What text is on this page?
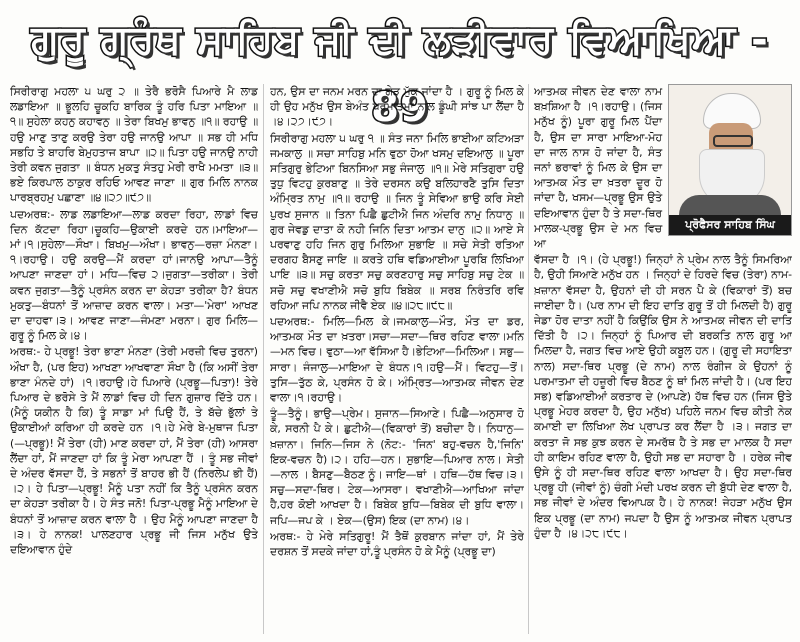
ਗੁਰੂ ਗ੍ਰੰਥ ਸਾਹਿਬ ਜੀ ਦੀ ਲੜੀਵਾਰ ਵਿਆਖਿਆ - 89

ਸਿਰੀਰਾਗੁ ਮਹਲਾ ੫ ਘਰੁ ੨ ॥ ਤੇਰੈ ਭਰੋਸੈ ਪਿਆਰੇ ਮੈ ਲਾਡ ਲਡਾਇਆ ॥ ਭੂਲਹਿ ਚੂਕਹਿ ਬਾਰਿਕ ਤੂੰ ਹਰਿ ਪਿਤਾ ਮਾਇਆ ॥੧॥ ਸੁਹੇਲਾ ਕਹਨੁ ਕਹਾਵਨੁ ॥ ਤੇਰਾ ਬਿਖਮੁ ਭਾਵਨੁ ॥੧॥ ਰਹਾਉ ॥ ਹਉ ਮਾਣੁ ਤਾਣੁ ਕਰਉ ਤੇਰਾ ਹਉ ਜਾਨਉ ਆਪਾ ॥ ਸਭ ਹੀ ਮਧਿ ਸਭਹਿ ਤੇ ਬਾਹਰਿ ਬੇਮੁਹਤਾਜ ਬਾਪਾ ॥੨॥ ਪਿਤਾ ਹਉ ਜਾਨਉ ਨਾਹੀ ਤੇਰੀ ਕਵਨ ਜੁਗਤਾ ॥ ਬੰਧਨ ਮੁਕਤੁ ਸੰਤਹੁ ਮੇਰੀ ਰਾਖੈ ਮਮਤਾ ॥੩॥ ਭਏ ਕਿਰਪਾਲ ਠਾਕੁਰ ਰਹਿਓ ਆਵਣ ਜਾਣਾ ॥ ਗੁਰ ਮਿਲਿ ਨਾਨਕ ਪਾਰਬ੍ਰਹਮੁ ਪਛਾਣਾ ॥੪॥੨੭॥੯੭॥

ਪਦਅਰਥ:- ਲਾਡ ਲਡਾਇਆ—ਲਾਡ ਕਰਦਾ ਰਿਹਾ, ਲਾਡਾਂ ਵਿਚ ਦਿਨ ਕੱਟਦਾ ਰਿਹਾ।ਚੂਕਹਿ—ਉਕਾਈ ਕਰਦੇ ਹਨ।ਮਾਇਆ—ਮਾਂ।੧।ਸੁਹੇਲਾ—ਸੌਖਾ। ਬਿਖਮੁ—ਔਖਾ। ਭਾਵਨੁ—ਰਜ਼ਾ ਮੰਨਣਾ।੧।ਰਹਾਉ। ਹਉ ਕਰਉ—ਮੈਂ ਕਰਦਾ ਹਾਂ।ਜਾਨਉ ਆਪਾ—ਤੈਨੂੰ ਆਪਣਾ ਜਾਣਦਾ ਹਾਂ। ਮਧਿ—ਵਿਚ ੨।ਜੁਗਤਾ—ਤਰੀਕਾ। ਤੇਰੀ ਕਵਨ ਜੁਗਤਾ—ਤੈਨੂੰ ਪ੍ਰਸੰਨ ਕਰਨ ਦਾ ਕੇਹੜਾ ਤਰੀਕਾ ਹੈ? ਬੰਧਨ ਮੁਕਤੁ—ਬੰਧਨਾਂ ਤੋਂ ਆਜ਼ਾਦ ਕਰਨ ਵਾਲਾ। ਮਤਾ—'ਮੇਰਾ' ਆਖਣ ਦਾ ਦਾਹਵਾ।੩। ਆਵਣ ਜਾਣਾ—ਜੰਮਣਾ ਮਰਨਾ। ਗੁਰ ਮਿਲਿ—ਗੁਰੂ ਨੂੰ ਮਿਲ ਕੇ।੪।

ਅਰਥ:- ਹੇ ਪ੍ਰਭੂ! ਤੇਰਾ ਭਾਣਾ ਮੰਨਣਾ (ਤੇਰੀ ਮਰਜ਼ੀ ਵਿਚ ਤੁਰਨਾ) ਔਖਾ ਹੈ, (ਪਰ ਇਹ) ਆਖਣਾ ਆਖਵਾਣਾ ਸੌਖਾ ਹੈ (ਕਿ ਅਸੀਂ ਤੇਰਾ ਭਾਣਾ ਮੰਨਦੇ ਹਾਂ) ।੧।ਰਹਾਉ।ਹੇ ਪਿਆਰੇ (ਪ੍ਰਭੂ—ਪਿਤਾ)! ਤੇਰੇ ਪਿਆਰ ਦੇ ਭਰੋਸੇ ਤੇ ਮੈਂ ਲਾਡਾਂ ਵਿਚ ਹੀ ਦਿਨ ਗੁਜ਼ਾਰ ਦਿੱਤੇ ਹਨ। (ਮੈਨੂੰ ਯਕੀਨ ਹੈ ਕਿ) ਤੂੰ ਸਾਡਾ ਮਾਂ ਪਿਉ ਹੈਂ, ਤੇ ਬੱਚੇ ਭੁੱਲਾਂ ਤੇ ਉਕਾਈਆਂ ਕਰਿਆ ਹੀ ਕਰਦੇ ਹਨ ।੧।ਹੇ ਮੇਰੇ ਬੇ-ਮੁਥਾਜ ਪਿਤਾ (—ਪ੍ਰਭੂ)! ਮੈਂ ਤੇਰਾ (ਹੀ) ਮਾਣ ਕਰਦਾ ਹਾਂ, ਮੈਂ ਤੇਰਾ (ਹੀ) ਆਸਰਾ ਲੈਂਦਾ ਹਾਂ, ਮੈਂ ਜਾਣਦਾ ਹਾਂ ਕਿ ਤੂੰ ਮੇਰਾ ਆਪਣਾ ਹੈਂ । ਤੂੰ ਸਭ ਜੀਵਾਂ ਦੇ ਅੰਦਰ ਵੱਸਦਾ ਹੈਂ, ਤੇ ਸਭਨਾਂ ਤੋਂ ਬਾਹਰ ਭੀ ਹੈਂ (ਨਿਰਲੇਪ ਭੀ ਹੈਂ) ।੨। ਹੇ ਪਿਤਾ—ਪ੍ਰਭੂ! ਮੈਨੂੰ ਪਤਾ ਨਹੀਂ ਕਿ ਤੈਨੂੰ ਪ੍ਰਸੰਨ ਕਰਨ ਦਾ ਕੇਹੜਾ ਤਰੀਕਾ ਹੈ। ਹੇ ਸੰਤ ਜਨੋ! ਪਿਤਾ-ਪ੍ਰਭੂ ਮੈਨੂੰ ਮਾਇਆ ਦੇ ਬੰਧਨਾਂ ਤੋਂ ਆਜ਼ਾਦ ਕਰਨ ਵਾਲਾ ਹੈ । ਉਹ ਮੈਨੂੰ ਆਪਣਾ ਜਾਣਦਾ ਹੈ ।੩। ਹੇ ਨਾਨਕ! ਪਾਲਣਹਾਰ ਪ੍ਰਭੂ ਜੀ ਜਿਸ ਮਨੁੱਖ ਉਤੇ ਦਇਆਵਾਨ ਹੁੰਦੇ

ਹਨ, ਉਸ ਦਾ ਜਨਮ ਮਰਨ ਦਾ ਗੇੜ ਮੁੱਕ ਜਾਂਦਾ ਹੈ । ਗੁਰੂ ਨੂੰ ਮਿਲ ਕੇ ਹੀ ਉਹ ਮਨੁੱਖ ਉਸ ਬੇਅੰਤ ਪਰਮਾਤਮਾ ਨਾਲ ਡੂੰਘੀ ਸਾਂਝ ਪਾ ਲੈਂਦਾ ਹੈ ।੪।੨੭।੯੭।

ਸਿਰੀਰਾਗੁ ਮਹਲਾ ੫ ਘਰੁ ੧ ॥ ਸੰਤ ਜਨਾ ਮਿਲਿ ਭਾਈਆ ਕਟਿਅੜਾ ਜਮਕਾਲੁ ॥ ਸਚਾ ਸਾਹਿਬੁ ਮਨਿ ਵੁਠਾ ਹੋਆ ਖਸਮੁ ਦਇਆਲੁ ॥ ਪੂਰਾ ਸਤਿਗੁਰੁ ਭੇਟਿਆ ਬਿਨਸਿਆ ਸਭੁ ਜੰਜਾਲੁ ॥੧॥ ਮੇਰੇ ਸਤਿਗੁਰਾ ਹਉ ਤੁਧੁ ਵਿਟਹੁ ਕੁਰਬਾਣੁ ॥ ਤੇਰੇ ਦਰਸਨ ਕਉ ਬਲਿਹਾਰਣੈ ਤੁਸਿ ਦਿਤਾ ਅੰਮ੍ਰਿਤ ਨਾਮੁ ॥੧॥ ਰਹਾਉ ॥ ਜਿਨ ਤੂੰ ਸੇਵਿਆ ਭਾਉ ਕਰਿ ਸੇਈ ਪੁਰਖ ਸੁਜਾਨ ॥ ਤਿਨਾ ਪਿਛੈ ਛੁਟੀਐ ਜਿਨ ਅੰਦਰਿ ਨਾਮੁ ਨਿਧਾਨੁ ॥ ਗੁਰ ਜੇਵਡੁ ਦਾਤਾ ਕੋ ਨਹੀ ਜਿਨਿ ਦਿਤਾ ਆਤਮ ਦਾਨੁ ॥੨॥ ਆਏ ਸੇ ਪਰਵਾਣੁ ਹਹਿ ਜਿਨ ਗੁਰੁ ਮਿਲਿਆ ਸੁਭਾਇ ॥ ਸਚੇ ਸੇਤੀ ਰਤਿਆ ਦਰਗਹ ਬੈਸਣੁ ਜਾਇ ॥ ਕਰਤੇ ਹਥਿ ਵਡਿਆਈਆ ਪੂਰਬਿ ਲਿਖਿਆ ਪਾਇ ॥੩॥ ਸਚੁ ਕਰਤਾ ਸਚੁ ਕਰਣਹਾਰੁ ਸਚੁ ਸਾਹਿਬੁ ਸਚੁ ਟੇਕ ॥ ਸਚੋ ਸਚੁ ਵਖਾਣੀਐ ਸਚੋ ਬੁਧਿ ਬਿਬੇਕ ॥ ਸਰਬ ਨਿਰੰਤਰਿ ਰਵਿ ਰਹਿਆ ਜਪਿ ਨਾਨਕ ਜੀਵੈ ਏਕ ॥੪॥੨੮॥੯੮॥

ਪਦਅਰਥ:- ਮਿਲਿ—ਮਿਲ ਕੇ।ਜਮਕਾਲੁ—ਮੌਤ, ਮੌਤ ਦਾ ਡਰ, ਆਤਮਕ ਮੌਤ ਦਾ ਖ਼ਤਰਾ।ਸਚਾ—ਸਦਾ—ਥਿਰ ਰਹਿਣ ਵਾਲਾ।ਮਨਿ—ਮਨ ਵਿਚ। ਵੁਠਾ—ਆ ਵੱਸਿਆ ਹੈ।ਭੇਟਿਆ—ਮਿਲਿਆ। ਸਭੁ—ਸਾਰਾ। ਜੰਜਾਲੁ—ਮਾਇਆ ਦੇ ਬੰਧਨ।੧।ਹਉ—ਮੈਂ। ਵਿਟਹੁ—ਤੋਂ। ਤੁਸਿ—ਤੁੱਠ ਕੇ, ਪ੍ਰਸੰਨ ਹੋ ਕੇ। ਅੰਮ੍ਰਿਤ—ਆਤਮਕ ਜੀਵਨ ਦੇਣ ਵਾਲਾ।੧।ਰਹਾਉ।

ਤੂੰ—ਤੈਨੂੰ। ਭਾਉ—ਪ੍ਰੇਮ। ਸੁਜਾਨ—ਸਿਆਣੇ। ਪਿਛੈ—ਅਨੁਸਾਰ ਹੋ ਕੇ, ਸਰਨੀ ਪੈ ਕੇ। ਛੁਟੀਐ—(ਵਿਕਾਰਾਂ ਤੋਂ) ਬਚੀਦਾ ਹੈ। ਨਿਧਾਨੁ—ਖ਼ਜ਼ਾਨਾ। ਜਿਨਿ—ਜਿਸ ਨੇ (ਨੋਟ:- 'ਜਿਨ' ਬਹੁ-ਵਚਨ ਹੈ,'ਜਿਨਿ' ਇਕ-ਵਚਨ ਹੈ)।੨। ਹਹਿ—ਹਨ। ਸੁਭਾਇ—ਪਿਆਰ ਨਾਲ। ਸੇਤੀ—ਨਾਲ । ਬੈਸਣੁ—ਬੈਠਣ ਨੂੰ। ਜਾਇ—ਥਾਂ । ਹਥਿ—ਹੱਥ ਵਿਚ।੩।ਸਚੁ—ਸਦਾ-ਥਿਰ। ਟੇਕ—ਆਸਰਾ। ਵਖਾਣੀਐ—ਆਖਿਆ ਜਾਂਦਾ ਹੈ,ਹਰ ਕੋਈ ਆਖਦਾ ਹੈ। ਬਿਬੇਕ ਬੁਧਿ—ਬਿਬੇਕ ਦੀ ਬੁਧਿ ਵਾਲਾ।ਜਪਿ—ਜਪ ਕੇ । ਏਕ—(ਉਸ) ਇਕ (ਦਾ ਨਾਮ)।੪।

ਅਰਥ:- ਹੇ ਮੇਰੇ ਸਤਿਗੁਰੂ! ਮੈਂ ਤੈਥੋਂ ਕੁਰਬਾਨ ਜਾਂਦਾ ਹਾਂ, ਮੈਂ ਤੇਰੇ ਦਰਸ਼ਨ ਤੋਂ ਸਦਕੇ ਜਾਂਦਾ ਹਾਂ,ਤੂੰ ਪ੍ਰਸੰਨ ਹੋ ਕੇ ਮੈਨੂੰ (ਪ੍ਰਭੂ ਦਾ)

ਪ੍ਰੋਫੈਸਰ ਸਾਹਿਬ ਸਿੰਘ

ਆਤਮਕ ਜੀਵਨ ਦੇਣ ਵਾਲਾ ਨਾਮ ਬਖ਼ਸ਼ਿਆ ਹੈ ।੧।ਰਹਾਉ। (ਜਿਸ ਮਨੁੱਖ ਨੂੰ) ਪੂਰਾ ਗੁਰੂ ਮਿਲ ਪੈਂਦਾ ਹੈ, ਉਸ ਦਾ ਸਾਰਾ ਮਾਇਆ-ਮੋਹ ਦਾ ਜਾਲ ਨਾਸ ਹੋ ਜਾਂਦਾ ਹੈ, ਸੰਤ ਜਨਾਂ ਭਰਾਵਾਂ ਨੂੰ ਮਿਲ ਕੇ ਉਸ ਦਾ ਆਤਮਕ ਮੌਤ ਦਾ ਖ਼ਤਰਾ ਦੂਰ ਹੋ ਜਾਂਦਾ ਹੈ, ਖਸਮ—ਪ੍ਰਭੂ ਉਸ ਉਤੇ ਦਇਆਵਾਨ ਹੁੰਦਾ ਹੈ ਤੇ ਸਦਾ-ਥਿਰ ਮਾਲਕ-ਪ੍ਰਭੂ ਉਸ ਦੇ ਮਨ ਵਿਚ ਆ

ਵੱਸਦਾ ਹੈ ।੧। (ਹੇ ਪ੍ਰਭੂ!) ਜਿਨ੍ਹਾਂ ਨੇ ਪ੍ਰੇਮ ਨਾਲ ਤੈਨੂੰ ਸਿਮਰਿਆ ਹੈ, ਉਹੀ ਸਿਆਣੇ ਮਨੁੱਖ ਹਨ । ਜਿਨ੍ਹਾਂ ਦੇ ਹਿਰਦੇ ਵਿਚ (ਤੇਰਾ) ਨਾਮ-ਖ਼ਜ਼ਾਨਾ ਵੱਸਦਾ ਹੈ, ਉਹਨਾਂ ਦੀ ਹੀ ਸਰਨ ਪੈ ਕੇ (ਵਿਕਾਰਾਂ ਤੋਂ) ਬਚ ਜਾਈਦਾ ਹੈ। (ਪਰ ਨਾਮ ਦੀ ਇਹ ਦਾਤਿ ਗੁਰੂ ਤੋਂ ਹੀ ਮਿਲਦੀ ਹੈ) ਗੁਰੂ ਜੇਡਾ ਹੋਰ ਦਾਤਾ ਨਹੀਂ ਹੈ ਕਿਉਂਕਿ ਉਸ ਨੇ ਆਤਮਕ ਜੀਵਨ ਦੀ ਦਾਤਿ ਦਿੱਤੀ ਹੈ ।੨। ਜਿਨ੍ਹਾਂ ਨੂੰ ਪਿਆਰ ਦੀ ਬਰਕਤਿ ਨਾਲ ਗੁਰੂ ਆ ਮਿਲਦਾ ਹੈ, ਜਗਤ ਵਿਚ ਆਏ ਉਹੀ ਕਬੂਲ ਹਨ। (ਗੁਰੂ ਦੀ ਸਹਾਇਤਾ ਨਾਲ) ਸਦਾ-ਥਿਰ ਪ੍ਰਭੂ (ਦੇ ਨਾਮ) ਨਾਲ ਰੰਗੀਜ ਕੇ ਉਹਨਾਂ ਨੂੰ ਪਰਮਾਤਮਾ ਦੀ ਹਜ਼ੂਰੀ ਵਿਚ ਬੈਠਣ ਨੂੰ ਥਾਂ ਮਿਲ ਜਾਂਦੀ ਹੈ। (ਪਰ ਇਹ ਸਭ) ਵਡਿਆਈਆਂ ਕਰਤਾਰ ਦੇ (ਆਪਣੇ) ਹੱਥ ਵਿਚ ਹਨ (ਜਿਸ ਉਤੇ ਪ੍ਰਭੂ ਮੇਹਰ ਕਰਦਾ ਹੈ, ਉਹ ਮਨੁੱਖ) ਪਹਿਲੇ ਜਨਮ ਵਿਚ ਕੀਤੀ ਨੇਕ ਕਮਾਈ ਦਾ ਲਿਖਿਆ ਲੇਖ ਪ੍ਰਾਪਤ ਕਰ ਲੈਂਦਾ ਹੈ ।੩। ਜਗਤ ਦਾ ਕਰਤਾ ਜੋ ਸਭ ਕੁਝ ਕਰਨ ਦੇ ਸਮਰੱਥ ਹੈ ਤੇ ਸਭ ਦਾ ਮਾਲਕ ਹੈ ਸਦਾ ਹੀ ਕਾਇਮ ਰਹਿਣ ਵਾਲਾ ਹੈ, ਉਹੀ ਸਭ ਦਾ ਸਹਾਰਾ ਹੈ । ਹਰੇਕ ਜੀਵ ਉਸੇ ਨੂੰ ਹੀ ਸਦਾ-ਥਿਰ ਰਹਿਣ ਵਾਲਾ ਆਖਦਾ ਹੈ। ਉਹ ਸਦਾ-ਥਿਰ ਪ੍ਰਭੂ ਹੀ (ਜੀਵਾਂ ਨੂੰ) ਚੰਗੀ ਮੰਦੀ ਪਰਖ ਕਰਨ ਦੀ ਬੁੱਧੀ ਦੇਣ ਵਾਲਾ ਹੈ, ਸਭ ਜੀਵਾਂ ਦੇ ਅੰਦਰ ਵਿਆਪਕ ਹੈ। ਹੇ ਨਾਨਕ! ਜੇਹੜਾ ਮਨੁੱਖ ਉਸ ਇਕ ਪ੍ਰਭੂ (ਦਾ ਨਾਮ) ਜਪਦਾ ਹੈ ਉਸ ਨੂੰ ਆਤਮਕ ਜੀਵਨ ਪ੍ਰਾਪਤ ਹੁੰਦਾ ਹੈ ।੪।੨੮।੯੮।
